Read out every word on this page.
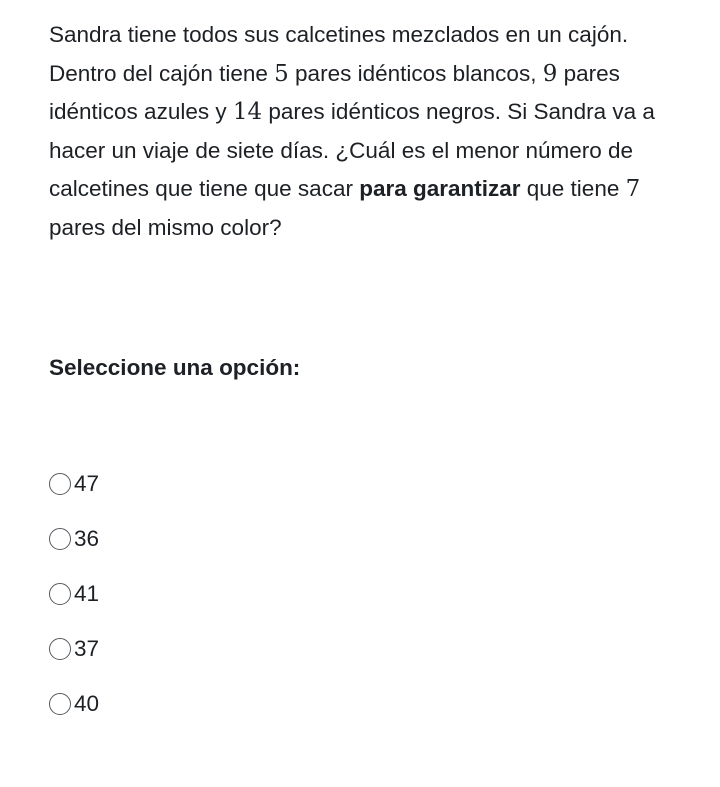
Sandra tiene todos sus calcetines mezclados en un cajón. Dentro del cajón tiene 5 pares idénticos blancos, 9 pares idénticos azules y 14 pares idénticos negros. Si Sandra va a hacer un viaje de siete días. ¿Cuál es el menor número de calcetines que tiene que sacar para garantizar que tiene 7 pares del mismo color?
Seleccione una opción:
47
36
41
37
40
